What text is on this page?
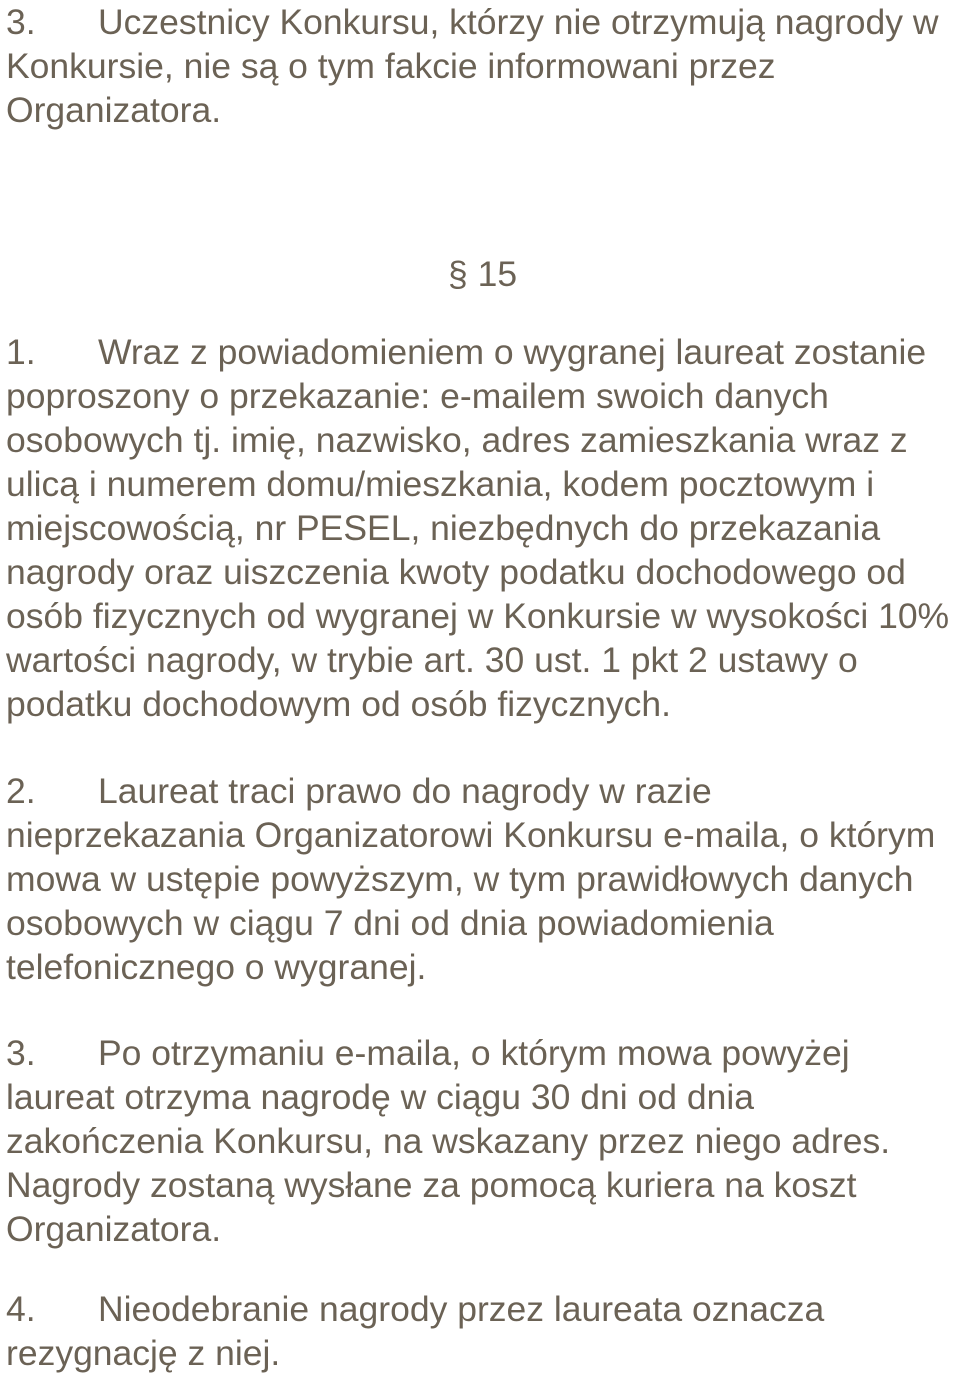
3. Uczestnicy Konkursu, którzy nie otrzymują nagrody w Konkursie, nie są o tym fakcie informowani przez Organizatora.

§ 15

1. Wraz z powiadomieniem o wygranej laureat zostanie poproszony o przekazanie: e-mailem swoich danych osobowych tj. imię, nazwisko, adres zamieszkania wraz z ulicą i numerem domu/mieszkania, kodem pocztowym i miejscowością, nr PESEL, niezbędnych do przekazania nagrody oraz uiszczenia kwoty podatku dochodowego od osób fizycznych od wygranej w Konkursie w wysokości 10% wartości nagrody, w trybie art. 30 ust. 1 pkt 2 ustawy o podatku dochodowym od osób fizycznych.

2. Laureat traci prawo do nagrody w razie nieprzekazania Organizatorowi Konkursu e-maila, o którym mowa w ustępie powyższym, w tym prawidłowych danych osobowych w ciągu 7 dni od dnia powiadomienia telefonicznego o wygranej.

3. Po otrzymaniu e-maila, o którym mowa powyżej laureat otrzyma nagrodę w ciągu 30 dni od dnia zakończenia Konkursu, na wskazany przez niego adres. Nagrody zostaną wysłane za pomocą kuriera na koszt Organizatora.

4. Nieodebranie nagrody przez laureata oznacza rezygnację z niej.
